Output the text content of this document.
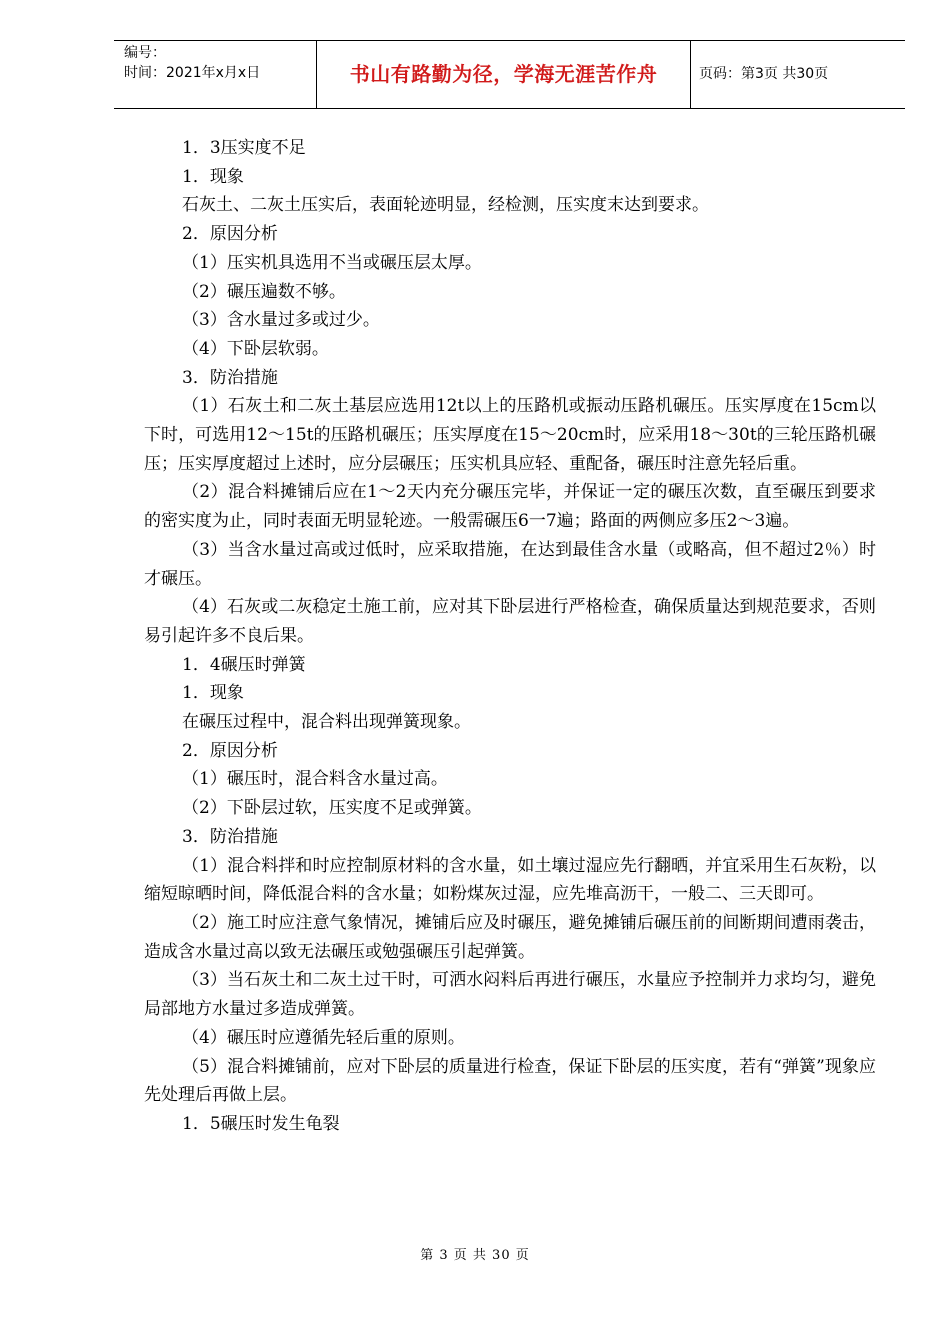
编号：
时间：2021年x月x日	书山有路勤为径，学海无涯苦作舟	页码：第3页 共30页

1．3压实度不足

1．现象

石灰土、二灰土压实后，表面轮迹明显，经检测，压实度末达到要求。

2．原因分析

（1）压实机具选用不当或碾压层太厚。

（2）碾压遍数不够。

（3）含水量过多或过少。

（4）下卧层软弱。

3．防治措施

（1）石灰土和二灰土基层应选用12t以上的压路机或振动压路机碾压。压实厚度在15cm以下时，可选用12～15t的压路机碾压；压实厚度在15～20cm时，应采用18～30t的三轮压路机碾压；压实厚度超过上述时，应分层碾压；压实机具应轻、重配备，碾压时注意先轻后重。

（2）混合料摊铺后应在1～2天内充分碾压完毕，并保证一定的碾压次数，直至碾压到要求的密实度为止，同时表面无明显轮迹。一般需碾压6一7遍；路面的两侧应多压2～3遍。

（3）当含水量过高或过低时，应采取措施，在达到最佳含水量（或略高，但不超过2％）时才碾压。

（4）石灰或二灰稳定土施工前，应对其下卧层进行严格检查，确保质量达到规范要求，否则易引起许多不良后果。

1．4碾压时弹簧

1．现象

在碾压过程中，混合料出现弹簧现象。

2．原因分析

（1）碾压时，混合料含水量过高。

（2）下卧层过软，压实度不足或弹簧。

3．防治措施

（1）混合料拌和时应控制原材料的含水量，如土壤过湿应先行翻晒，并宜采用生石灰粉，以缩短晾晒时间，降低混合料的含水量；如粉煤灰过湿，应先堆高沥干，一般二、三天即可。

（2）施工时应注意气象情况，摊铺后应及时碾压，避免摊铺后碾压前的间断期间遭雨袭击，造成含水量过高以致无法碾压或勉强碾压引起弹簧。

（3）当石灰土和二灰土过干时，可洒水闷料后再进行碾压，水量应予控制并力求均匀，避免局部地方水量过多造成弹簧。

（4）碾压时应遵循先轻后重的原则。

（5）混合料摊铺前，应对下卧层的质量进行检查，保证下卧层的压实度，若有“弹簧”现象应先处理后再做上层。

1．5碾压时发生龟裂

第 3 页 共 30 页
